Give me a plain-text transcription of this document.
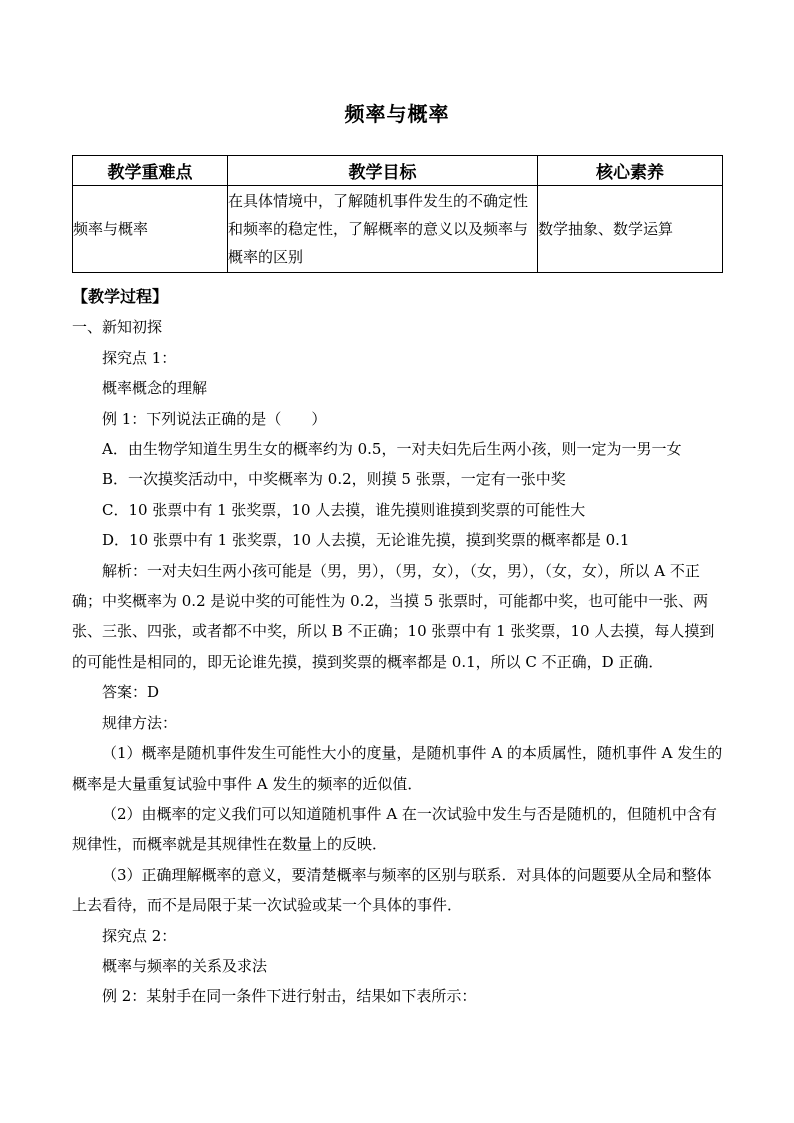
频率与概率
教学重难点	教学目标	核心素养
频率与概率	在具体情境中，了解随机事件发生的不确定性和频率的稳定性，了解概率的意义以及频率与概率的区别	数学抽象、数学运算

【教学过程】

一、新知初探

探究点 1：

概率概念的理解

例 1：下列说法正确的是（　　）

A．由生物学知道生男生女的概率约为 0.5，一对夫妇先后生两小孩，则一定为一男一女

B．一次摸奖活动中，中奖概率为 0.2，则摸 5 张票，一定有一张中奖

C．10 张票中有 1 张奖票，10 人去摸，谁先摸则谁摸到奖票的可能性大

D．10 张票中有 1 张奖票，10 人去摸，无论谁先摸，摸到奖票的概率都是 0.1

解析：一对夫妇生两小孩可能是（男，男），（男，女），（女，男），（女，女），所以 A 不正确；中奖概率为 0.2 是说中奖的可能性为 0.2，当摸 5 张票时，可能都中奖，也可能中一张、两张、三张、四张，或者都不中奖，所以 B 不正确；10 张票中有 1 张奖票，10 人去摸，每人摸到的可能性是相同的，即无论谁先摸，摸到奖票的概率都是 0.1，所以 C 不正确，D 正确．

答案：D

规律方法：

（1）概率是随机事件发生可能性大小的度量，是随机事件 A 的本质属性，随机事件 A 发生的概率是大量重复试验中事件 A 发生的频率的近似值．

（2）由概率的定义我们可以知道随机事件 A 在一次试验中发生与否是随机的，但随机中含有规律性，而概率就是其规律性在数量上的反映．

（3）正确理解概率的意义，要清楚概率与频率的区别与联系．对具体的问题要从全局和整体上去看待，而不是局限于某一次试验或某一个具体的事件．

探究点 2：

概率与频率的关系及求法

例 2：某射手在同一条件下进行射击，结果如下表所示：
